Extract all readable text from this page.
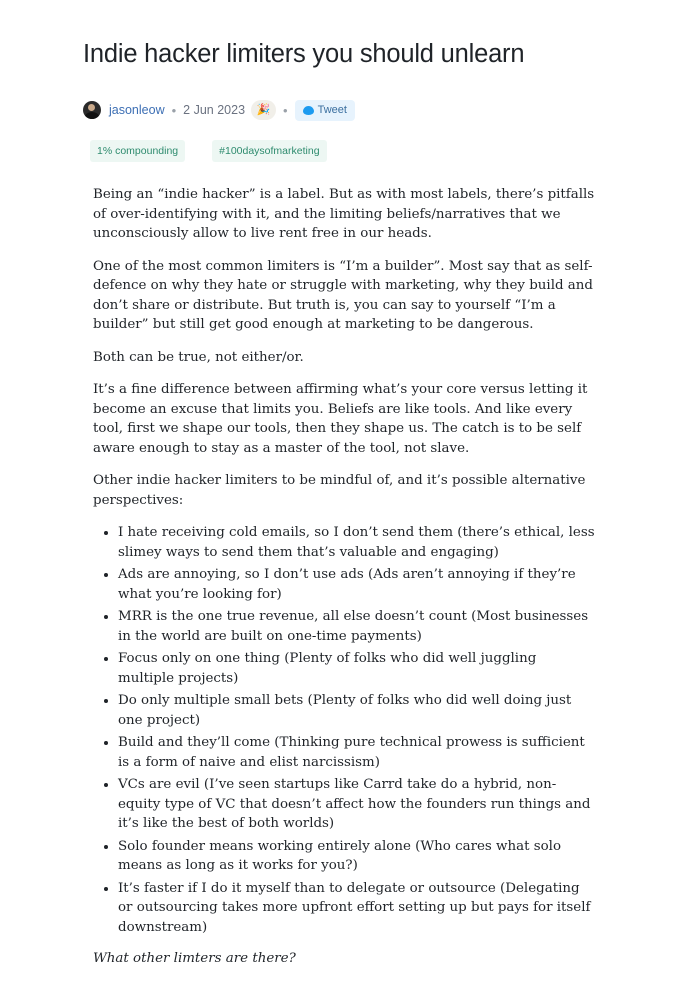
Indie hacker limiters you should unlearn
jasonleow • 2 Jun 2023	🎉 •	Tweet
1% compounding	#100daysofmarketing

Being an “indie hacker” is a label. But as with most labels, there’s pitfalls of over-identifying with it, and the limiting beliefs/narratives that we unconsciously allow to live rent free in our heads.

One of the most common limiters is “I’m a builder”. Most say that as self-defence on why they hate or struggle with marketing, why they build and don’t share or distribute. But truth is, you can say to yourself “I’m a builder” but still get good enough at marketing to be dangerous.

Both can be true, not either/or.

It’s a fine difference between affirming what’s your core versus letting it become an excuse that limits you. Beliefs are like tools. And like every tool, first we shape our tools, then they shape us. The catch is to be self aware enough to stay as a master of the tool, not slave.

Other indie hacker limiters to be mindful of, and it’s possible alternative perspectives:

• I hate receiving cold emails, so I don’t send them (there’s ethical, less slimey ways to send them that’s valuable and engaging)
• Ads are annoying, so I don’t use ads (Ads aren’t annoying if they’re what you’re looking for)
• MRR is the one true revenue, all else doesn’t count (Most businesses in the world are built on one-time payments)
• Focus only on one thing (Plenty of folks who did well juggling multiple projects)
• Do only multiple small bets (Plenty of folks who did well doing just one project)
• Build and they’ll come (Thinking pure technical prowess is sufficient is a form of naive and elist narcissism)
• VCs are evil (I’ve seen startups like Carrd take do a hybrid, non-equity type of VC that doesn’t affect how the founders run things and it’s like the best of both worlds)
• Solo founder means working entirely alone (Who cares what solo means as long as it works for you?)
• It’s faster if I do it myself than to delegate or outsource (Delegating or outsourcing takes more upfront effort setting up but pays for itself downstream)

What other limters are there?
